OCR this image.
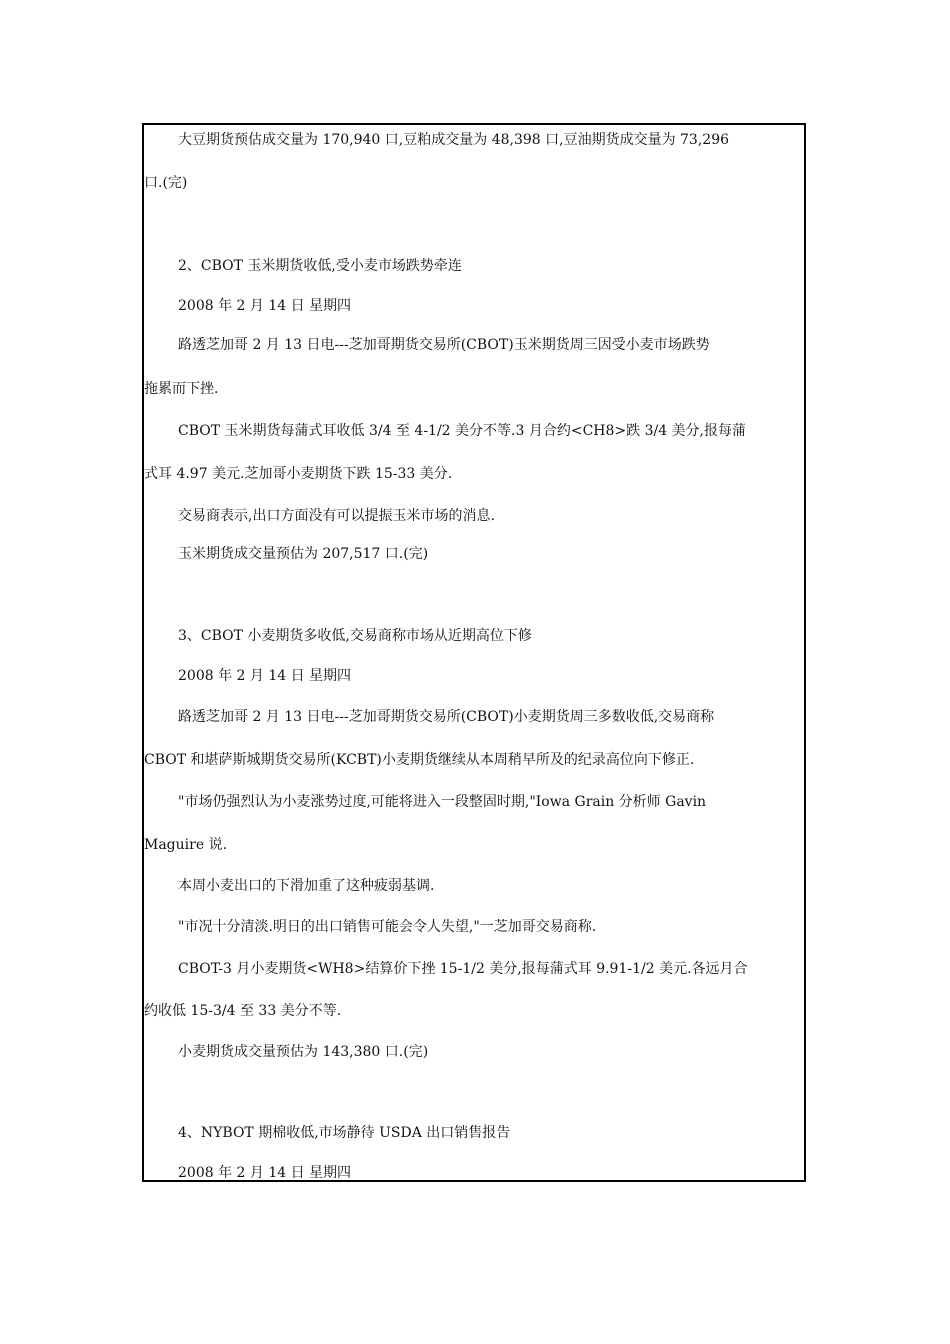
大豆期货预估成交量为 170,940 口,豆粕成交量为 48,398 口,豆油期货成交量为 73,296
口.(完)
2、CBOT 玉米期货收低,受小麦市场跌势牵连
2008 年 2 月 14 日 星期四
路透芝加哥 2 月 13 日电---芝加哥期货交易所(CBOT)玉米期货周三因受小麦市场跌势
拖累而下挫.
CBOT 玉米期货每蒲式耳收低 3/4 至 4-1/2 美分不等.3 月合约<CH8>跌 3/4 美分,报每蒲
式耳 4.97 美元.芝加哥小麦期货下跌 15-33 美分.
交易商表示,出口方面没有可以提振玉米市场的消息.
玉米期货成交量预估为 207,517 口.(完)
3、CBOT 小麦期货多收低,交易商称市场从近期高位下修
2008 年 2 月 14 日 星期四
路透芝加哥 2 月 13 日电---芝加哥期货交易所(CBOT)小麦期货周三多数收低,交易商称
CBOT 和堪萨斯城期货交易所(KCBT)小麦期货继续从本周稍早所及的纪录高位向下修正.
"市场仍强烈认为小麦涨势过度,可能将进入一段整固时期,"Iowa Grain 分析师 Gavin
Maguire 说.
本周小麦出口的下滑加重了这种疲弱基调.
"市况十分清淡.明日的出口销售可能会令人失望,"一芝加哥交易商称.
CBOT-3 月小麦期货<WH8>结算价下挫 15-1/2 美分,报每蒲式耳 9.91-1/2 美元.各远月合
约收低 15-3/4 至 33 美分不等.
小麦期货成交量预估为 143,380 口.(完)
4、NYBOT 期棉收低,市场静待 USDA 出口销售报告
2008 年 2 月 14 日 星期四
